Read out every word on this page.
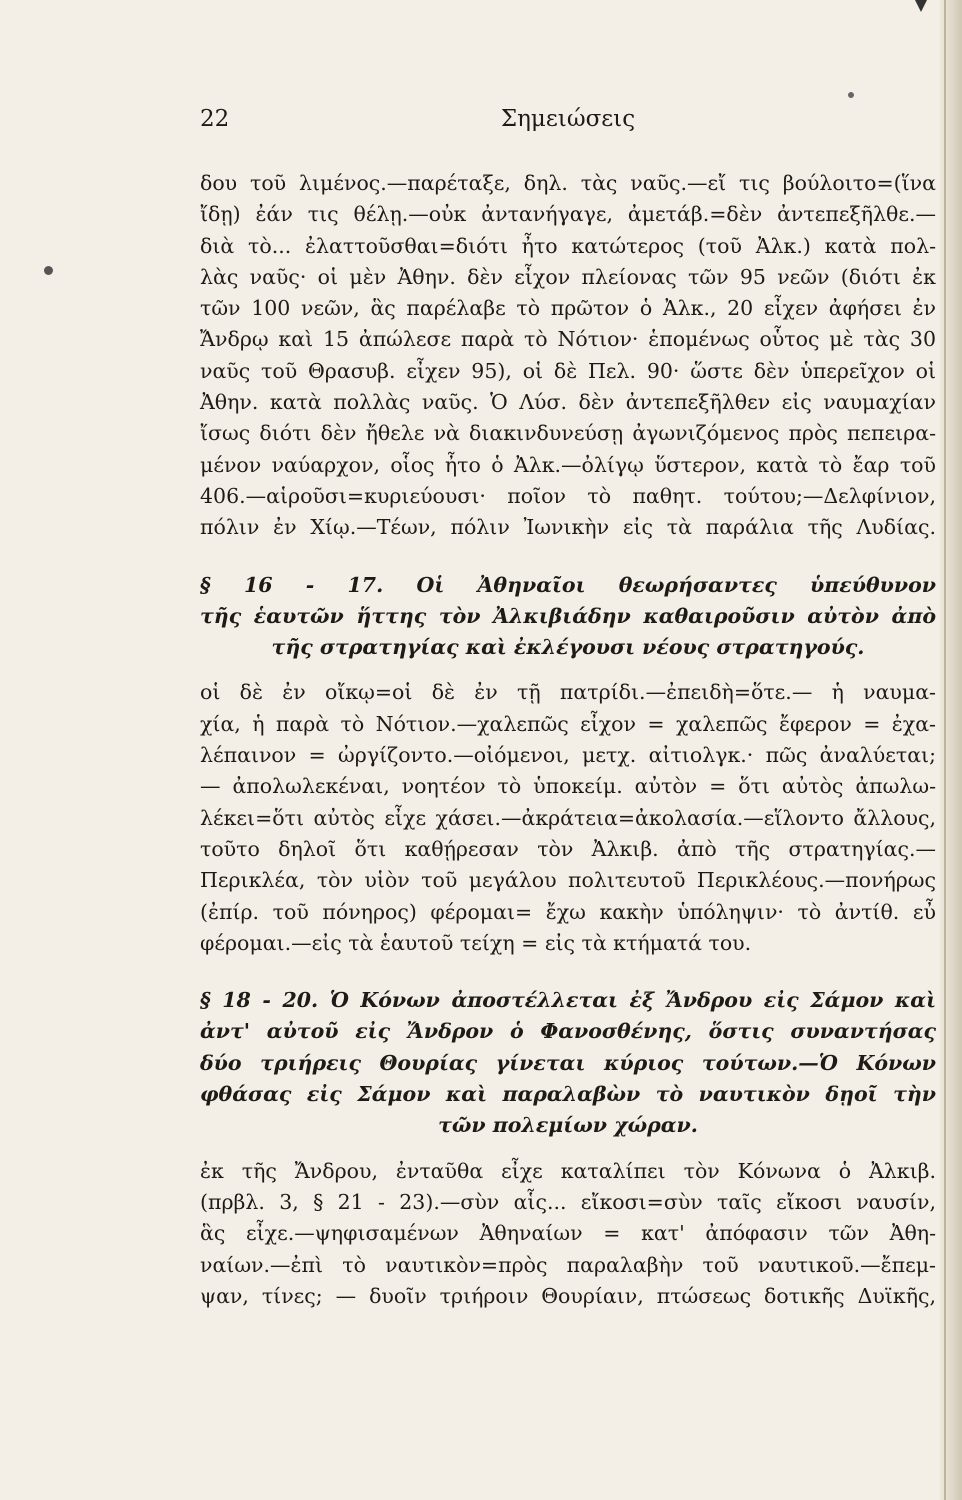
22	Σημειώσεις

δου τοῦ λιμένος.—παρέταξε, δηλ. τὰς ναῦς.—εἴ τις βούλοιτο=(ἵνα
ἴδῃ) ἐάν τις θέλῃ.—οὐκ ἀντανήγαγε, ἀμετάβ.=δὲν ἀντεπεξῆλθε.—
διὰ τὸ... ἐλαττοῦσθαι=διότι ἦτο κατώτερος (τοῦ Ἀλκ.) κατὰ πολ-
λὰς ναῦς· οἱ μὲν Ἀθην. δὲν εἶχον πλείονας τῶν 95 νεῶν (διότι ἐκ
τῶν 100 νεῶν, ἃς παρέλαβε τὸ πρῶτον ὁ Ἀλκ., 20 εἶχεν ἀφήσει ἐν
Ἄνδρῳ καὶ 15 ἀπώλεσε παρὰ τὸ Νότιον· ἑπομένως οὗτος μὲ τὰς 30
ναῦς τοῦ Θρασυβ. εἶχεν 95), οἱ δὲ Πελ. 90· ὥστε δὲν ὑπερεῖχον οἱ
Ἀθην. κατὰ πολλὰς ναῦς. Ὁ Λύσ. δὲν ἀντεπεξῆλθεν εἰς ναυμαχίαν
ἴσως διότι δὲν ἤθελε νὰ διακινδυνεύσῃ ἀγωνιζόμενος πρὸς πεπειρα-
μένον ναύαρχον, οἷος ἦτο ὁ Ἀλκ.—ὀλίγῳ ὕστερον, κατὰ τὸ ἔαρ τοῦ
406.—αἱροῦσι=κυριεύουσι· ποῖον τὸ παθητ. τούτου;—Δελφίνιον,
πόλιν ἐν Χίῳ.—Τέων, πόλιν Ἰωνικὴν εἰς τὰ παράλια τῆς Λυδίας.

§ 16 - 17. Οἱ Ἀθηναῖοι θεωρήσαντες ὑπεύθυνον
τῆς ἑαυτῶν ἥττης τὸν Ἀλκιβιάδην καθαιροῦσιν αὐτὸν ἀπὸ
τῆς στρατηγίας καὶ ἐκλέγουσι νέους στρατηγούς.

οἱ δὲ ἐν οἴκῳ=οἱ δὲ ἐν τῇ πατρίδι.—ἐπειδὴ=ὅτε.— ἡ ναυμα-
χία, ἡ παρὰ τὸ Νότιον.—χαλεπῶς εἶχον = χαλεπῶς ἔφερον = ἐχα-
λέπαινον = ὠργίζοντο.—οἰόμενοι, μετχ. αἰτιολγκ.· πῶς ἀναλύεται;
— ἀπολωλεκέναι, νοητέον τὸ ὑποκείμ. αὐτὸν = ὅτι αὐτὸς ἀπωλω-
λέκει=ὅτι αὐτὸς εἶχε χάσει.—ἀκράτεια=ἀκολασία.—εἵλοντο ἄλλους,
τοῦτο δηλοῖ ὅτι καθῄρεσαν τὸν Ἀλκιβ. ἀπὸ τῆς στρατηγίας.—
Περικλέα, τὸν υἱὸν τοῦ μεγάλου πολιτευτοῦ Περικλέους.—πονήρως
(ἐπίρ. τοῦ πόνηρος) φέρομαι= ἔχω κακὴν ὑπόληψιν· τὸ ἀντίθ. εὖ
φέρομαι.—εἰς τὰ ἑαυτοῦ τείχη = εἰς τὰ κτήματά του.

§ 18 - 20. Ὁ Κόνων ἀποστέλλεται ἐξ Ἄνδρου εἰς Σάμον καὶ
ἀντ' αὐτοῦ εἰς Ἄνδρον ὁ Φανοσθένης, ὅστις συναντήσας
δύο τριήρεις Θουρίας γίνεται κύριος τούτων.—Ὁ Κόνων
φθάσας εἰς Σάμον καὶ παραλαβὼν τὸ ναυτικὸν δῃοῖ τὴν
τῶν πολεμίων χώραν.

ἐκ τῆς Ἄνδρου, ἐνταῦθα εἶχε καταλίπει τὸν Κόνωνα ὁ Ἀλκιβ.
(πρβλ. 3, § 21 - 23).—σὺν αἷς... εἴκοσι=σὺν ταῖς εἴκοσι ναυσίν,
ἃς εἶχε.—ψηφισαμένων Ἀθηναίων = κατ' ἀπόφασιν τῶν Ἀθη-
ναίων.—ἐπὶ τὸ ναυτικὸν=πρὸς παραλαβὴν τοῦ ναυτικοῦ.—ἔπεμ-
ψαν, τίνες; — δυοῖν τριήροιν Θουρίαιν, πτώσεως δοτικῆς Δυϊκῆς,
